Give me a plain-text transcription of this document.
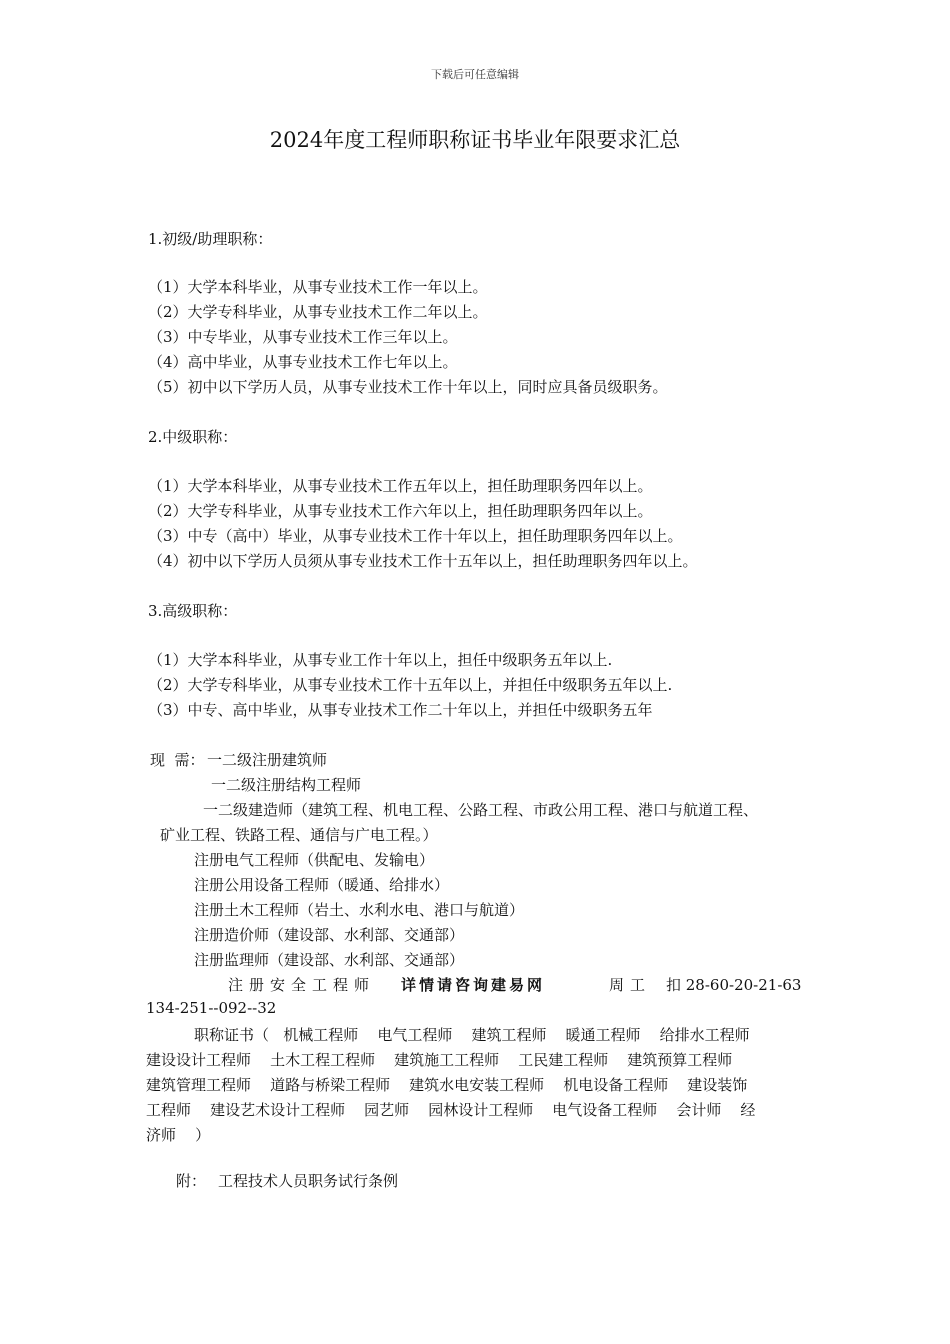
下载后可任意编辑
2024年度工程师职称证书毕业年限要求汇总
1.初级/助理职称：
（1）大学本科毕业，从事专业技术工作一年以上。
（2）大学专科毕业，从事专业技术工作二年以上。
（3）中专毕业，从事专业技术工作三年以上。
（4）高中毕业，从事专业技术工作七年以上。
（5）初中以下学历人员，从事专业技术工作十年以上，同时应具备员级职务。
2.中级职称：
（1）大学本科毕业，从事专业技术工作五年以上，担任助理职务四年以上。
（2）大学专科毕业，从事专业技术工作六年以上，担任助理职务四年以上。
（3）中专（高中）毕业，从事专业技术工作十年以上，担任助理职务四年以上。
（4）初中以下学历人员须从事专业技术工作十五年以上，担任助理职务四年以上。
3.高级职称：
（1）大学本科毕业，从事专业工作十年以上，担任中级职务五年以上.
（2）大学专科毕业，从事专业技术工作十五年以上，并担任中级职务五年以上.
（3）中专、高中毕业，从事专业技术工作二十年以上，并担任中级职务五年
现  需： 一二级注册建筑师
一二级注册结构工程师
一二级建造师（建筑工程、机电工程、公路工程、市政公用工程、港口与航道工程、
矿业工程、铁路工程、通信与广电工程。）
注册电气工程师（供配电、发输电）
注册公用设备工程师（暖通、给排水）
注册土木工程师（岩土、水利水电、港口与航道）
注册造价师（建设部、水利部、交通部）
注册监理师（建设部、水利部、交通部）
注册安全工程师 详情请咨询建易网	周工 扣 28-60-20-21-63
134-251--092--32
职称证书（   机械工程师    电气工程师    建筑工程师    暖通工程师    给排水工程师
建设设计工程师    土木工程工程师    建筑施工工程师    工民建工程师    建筑预算工程师
建筑管理工程师    道路与桥梁工程师    建筑水电安装工程师    机电设备工程师    建设装饰
工程师    建设艺术设计工程师    园艺师    园林设计工程师    电气设备工程师    会计师    经
济师    ）
附： 工程技术人员职务试行条例
